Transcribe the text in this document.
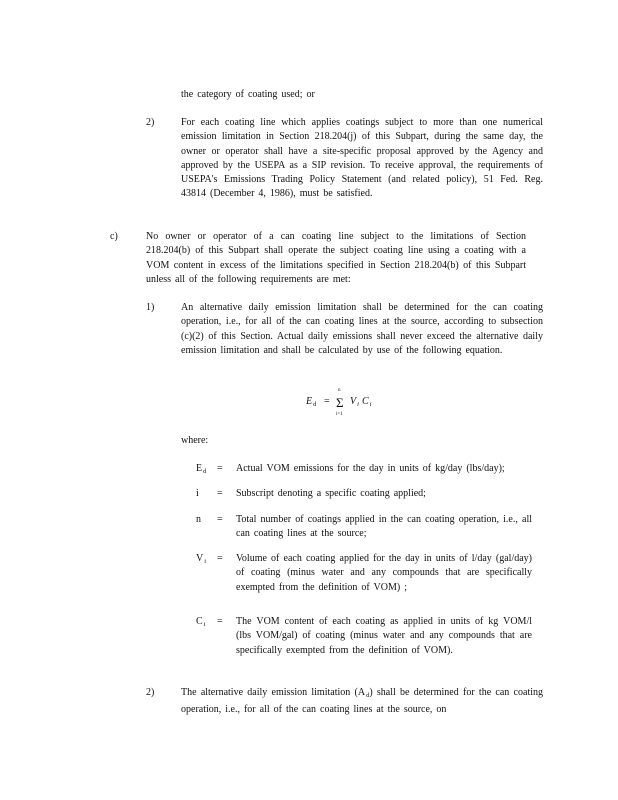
the category of coating used; or

2)	For each coating line which applies coatings subject to more than one numerical emission limitation in Section 218.204(j) of this Subpart, during the same day, the owner or operator shall have a site-specific proposal approved by the Agency and approved by the USEPA as a SIP revision. To receive approval, the requirements of USEPA's Emissions Trading Policy Statement (and related policy), 51 Fed. Reg. 43814 (December 4, 1986), must be satisfied.

c)	No owner or operator of a can coating line subject to the limitations of Section 218.204(b) of this Subpart shall operate the subject coating line using a coating with a VOM content in excess of the limitations specified in Section 218.204(b) of this Subpart unless all of the following requirements are met:

1)	An alternative daily emission limitation shall be determined for the can coating operation, i.e., for all of the can coating lines at the source, according to subsection (c)(2) of this Section. Actual daily emissions shall never exceed the alternative daily emission limitation and shall be calculated by use of the following equation.

$E_d = \Sigma$
n
i=1
$V_i$ $C_i$

where:

$E_d$	= Actual VOM emissions for the day in units of kg/day (lbs/day);
i	= Subscript denoting a specific coating applied;
n	= Total number of coatings applied in the can coating operation, i.e., all can coating lines at the source;
$V_i$	= Volume of each coating applied for the day in units of l/day (gal/day) of coating (minus water and any compounds that are specifically exempted from the definition of VOM) ;
$C_i$	= The VOM content of each coating as applied in units of kg VOM/l (lbs VOM/gal) of coating (minus water and any compounds that are specifically exempted from the definition of VOM).

2)	The alternative daily emission limitation $(A_d)$ shall be determined for the can coating operation, i.e., for all of the can coating lines at the source, on
